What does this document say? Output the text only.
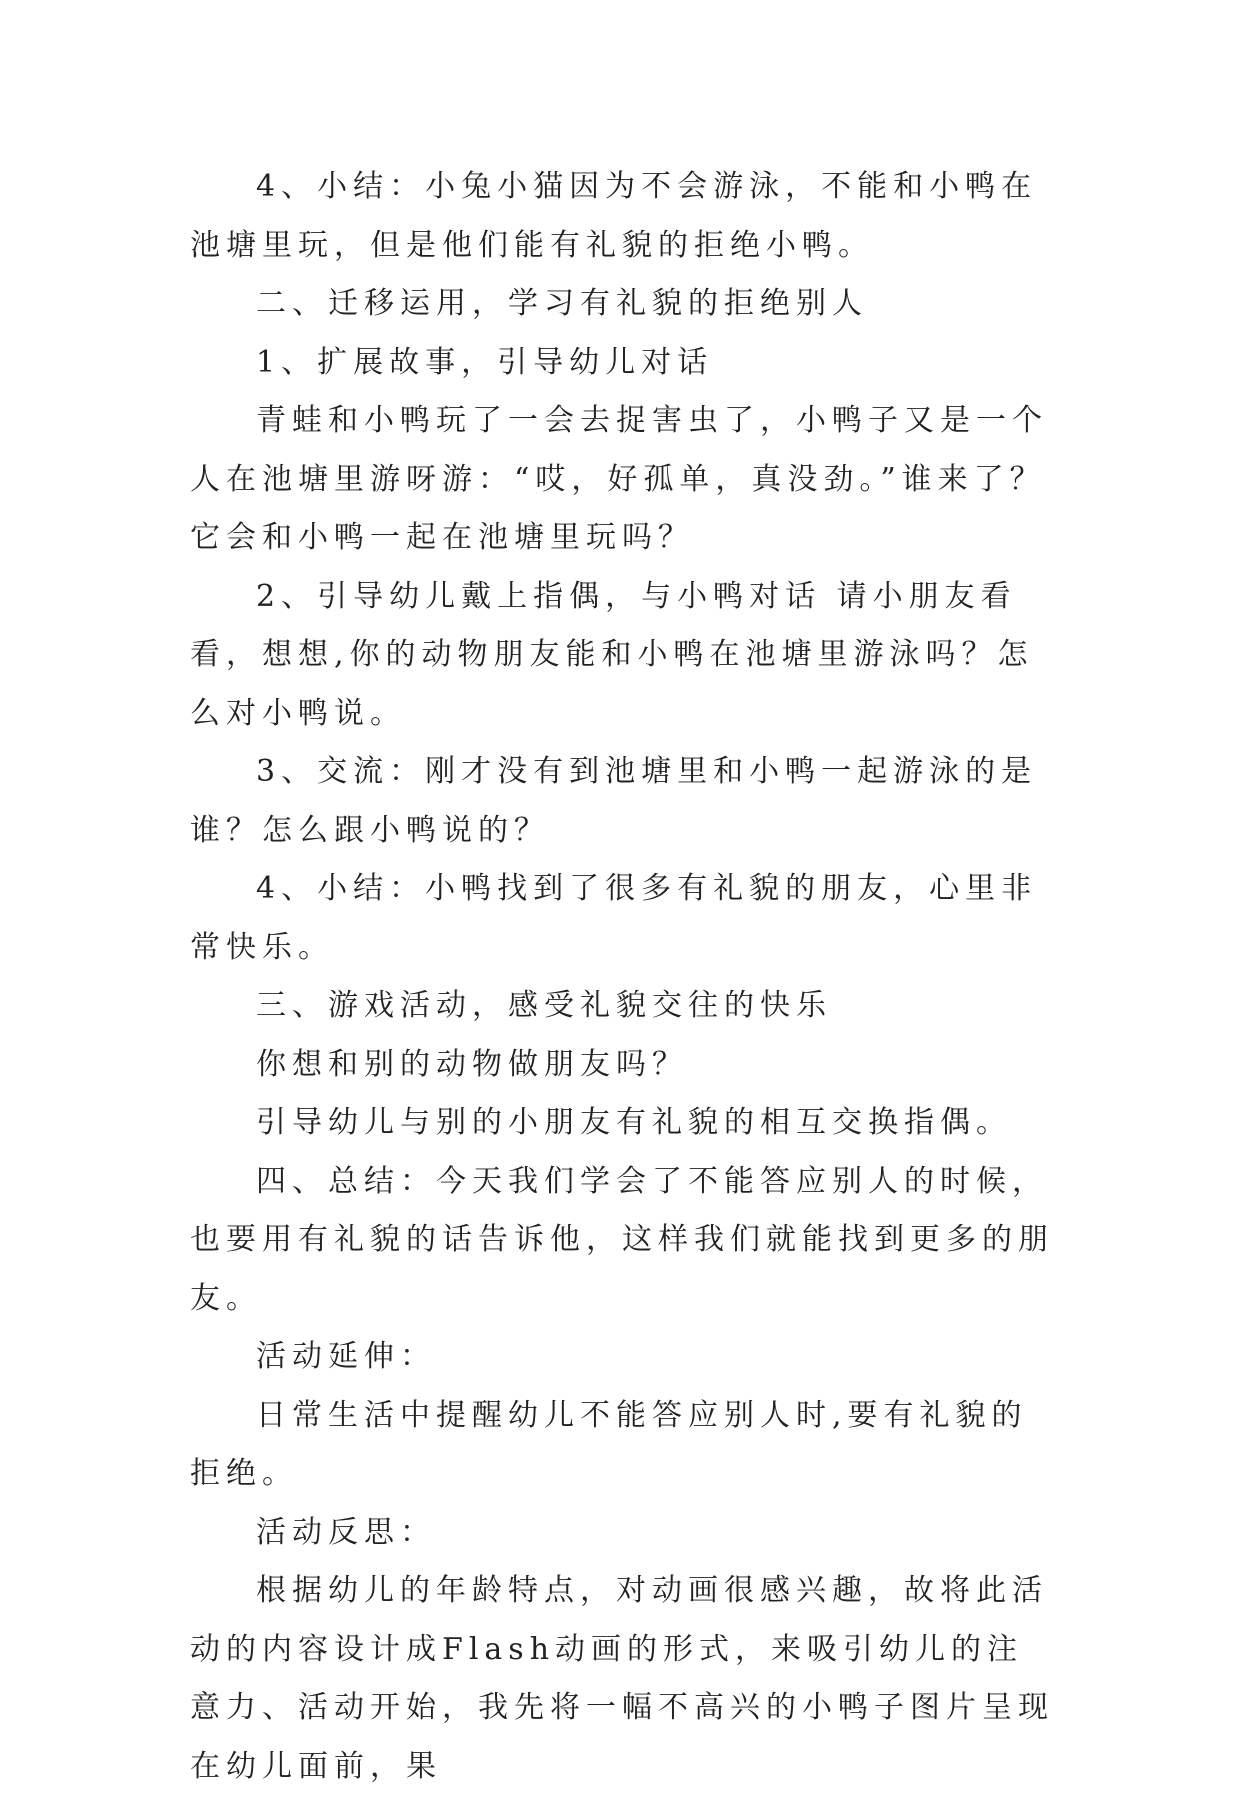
4、小结：小兔小猫因为不会游泳，不能和小鸭在池塘里玩，但是他们能有礼貌的拒绝小鸭。

二、迁移运用，学习有礼貌的拒绝别人

1、扩展故事，引导幼儿对话

青蛙和小鸭玩了一会去捉害虫了，小鸭子又是一个人在池塘里游呀游：“哎，好孤单，真没劲。”谁来了？它会和小鸭一起在池塘里玩吗？

2、引导幼儿戴上指偶，与小鸭对话 请小朋友看看，想想,你的动物朋友能和小鸭在池塘里游泳吗？怎么对小鸭说。

3、交流：刚才没有到池塘里和小鸭一起游泳的是谁？怎么跟小鸭说的？

4、小结：小鸭找到了很多有礼貌的朋友，心里非常快乐。

三、游戏活动，感受礼貌交往的快乐

你想和别的动物做朋友吗？

引导幼儿与别的小朋友有礼貌的相互交换指偶。

四、总结：今天我们学会了不能答应别人的时候，也要用有礼貌的话告诉他，这样我们就能找到更多的朋友。

活动延伸：

日常生活中提醒幼儿不能答应别人时,要有礼貌的拒绝。

活动反思：

根据幼儿的年龄特点，对动画很感兴趣，故将此活动的内容设计成Flash动画的形式，来吸引幼儿的注意力、活动开始，我先将一幅不高兴的小鸭子图片呈现在幼儿面前，果
